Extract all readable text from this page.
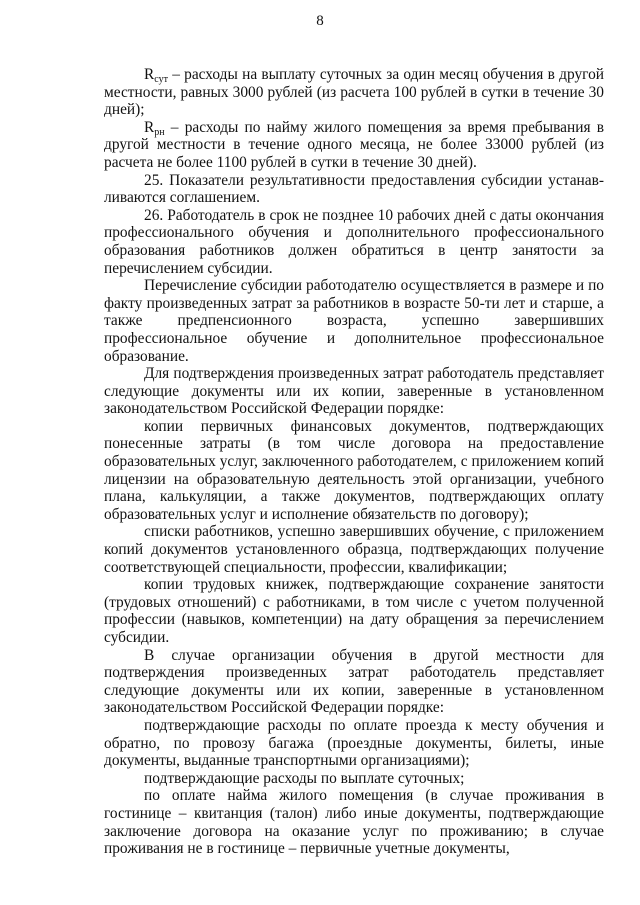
8

$R_{сут}$ – расходы на выплату суточных за один месяц обучения в другой местности, равных 3000 рублей (из расчета 100 рублей в сутки в течение 30 дней);

$R_{рн}$ – расходы по найму жилого помещения за время пребывания в другой местности в течение одного месяца, не более 33000 рублей (из расчета не более 1100 рублей в сутки в течение 30 дней).

25. Показатели результативности предоставления субсидии устанавливаются соглашением.

26. Работодатель в срок не позднее 10 рабочих дней с даты окончания профессионального обучения и дополнительного профессионального образования работников должен обратиться в центр занятости за перечислением субсидии.

Перечисление субсидии работодателю осуществляется в размере и по факту произведенных затрат за работников в возрасте 50-ти лет и старше, а также предпенсионного возраста, успешно завершивших профессиональное обучение и дополнительное профессиональное образование.

Для подтверждения произведенных затрат работодатель представляет следующие документы или их копии, заверенные в установленном законодательством Российской Федерации порядке:

копии первичных финансовых документов, подтверждающих понесенные затраты (в том числе договора на предоставление образовательных услуг, заключенного работодателем, с приложением копий лицензии на образовательную деятельность этой организации, учебного плана, калькуляции, а также документов, подтверждающих оплату образовательных услуг и исполнение обязательств по договору);

списки работников, успешно завершивших обучение, с приложением копий документов установленного образца, подтверждающих получение соответствующей специальности, профессии, квалификации;

копии трудовых книжек, подтверждающие сохранение занятости (трудовых отношений) с работниками, в том числе с учетом полученной профессии (навыков, компетенции) на дату обращения за перечислением субсидии.

В случае организации обучения в другой местности для подтверждения произведенных затрат работодатель представляет следующие документы или их копии, заверенные в установленном законодательством Российской Федерации порядке:

подтверждающие расходы по оплате проезда к месту обучения и обратно, по провозу багажа (проездные документы, билеты, иные документы, выданные транспортными организациями);

подтверждающие расходы по выплате суточных;

по оплате найма жилого помещения (в случае проживания в гостинице – квитанция (талон) либо иные документы, подтверждающие заключение договора на оказание услуг по проживанию; в случае проживания не в гостинице – первичные учетные документы,
